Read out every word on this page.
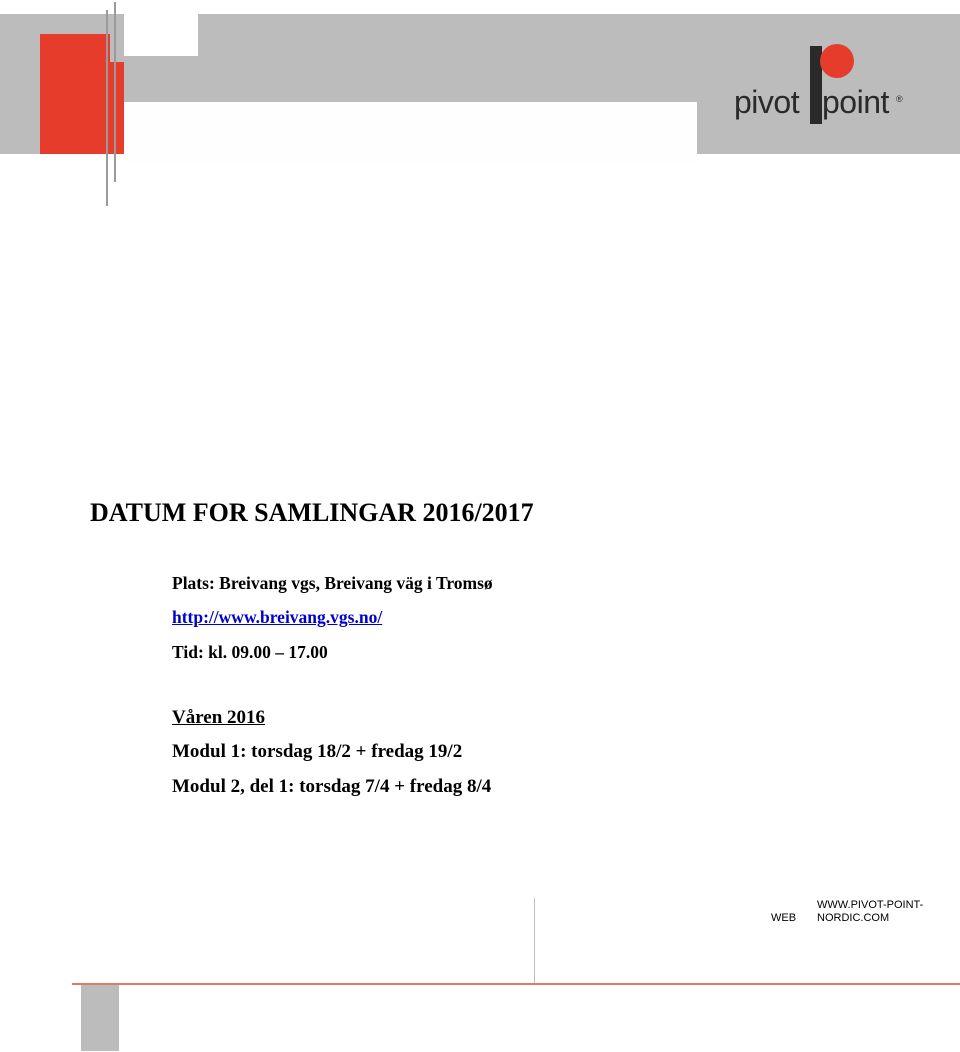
pivot point ®
DATUM FOR SAMLINGAR 2016/2017
Plats: Breivang vgs, Breivang väg i Tromsø
http://www.breivang.vgs.no/
Tid: kl. 09.00 – 17.00
Våren 2016
Modul 1: torsdag 18/2 + fredag 19/2
Modul 2, del 1: torsdag 7/4 + fredag 8/4
WEB
WWW.PIVOT-POINT-
NORDIC.COM
